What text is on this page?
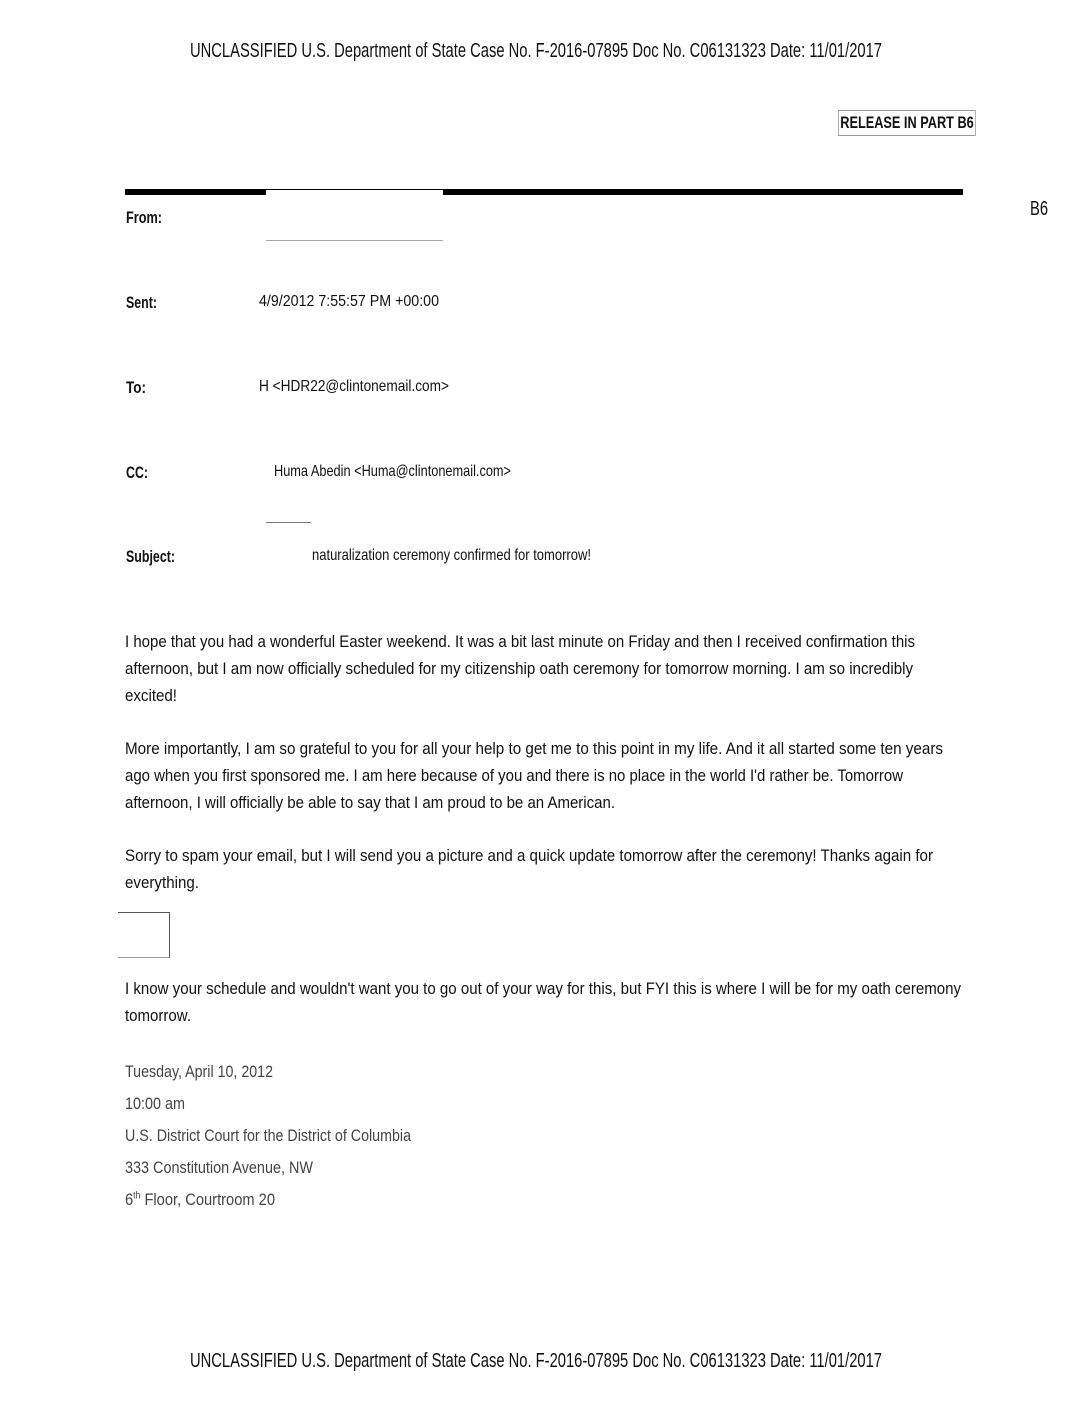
UNCLASSIFIED U.S. Department of State Case No. F-2016-07895 Doc No. C06131323 Date: 11/01/2017
RELEASE IN PART B6
B6
From:
Sent:	4/9/2012 7:55:57 PM +00:00
To:	H <HDR22@clintonemail.com>
CC:	Huma Abedin <Huma@clintonemail.com>
Subject:	naturalization ceremony confirmed for tomorrow!
I hope that you had a wonderful Easter weekend. It was a bit last minute on Friday and then I received confirmation this
afternoon, but I am now officially scheduled for my citizenship oath ceremony for tomorrow morning. I am so incredibly
excited!
More importantly, I am so grateful to you for all your help to get me to this point in my life. And it all started some ten years
ago when you first sponsored me. I am here because of you and there is no place in the world I'd rather be. Tomorrow
afternoon, I will officially be able to say that I am proud to be an American.
Sorry to spam your email, but I will send you a picture and a quick update tomorrow after the ceremony! Thanks again for
everything.
I know your schedule and wouldn't want you to go out of your way for this, but FYI this is where I will be for my oath ceremony
tomorrow.
Tuesday, April 10, 2012
10:00 am
U.S. District Court for the District of Columbia
333 Constitution Avenue, NW
6th Floor, Courtroom 20
UNCLASSIFIED U.S. Department of State Case No. F-2016-07895 Doc No. C06131323 Date: 11/01/2017
